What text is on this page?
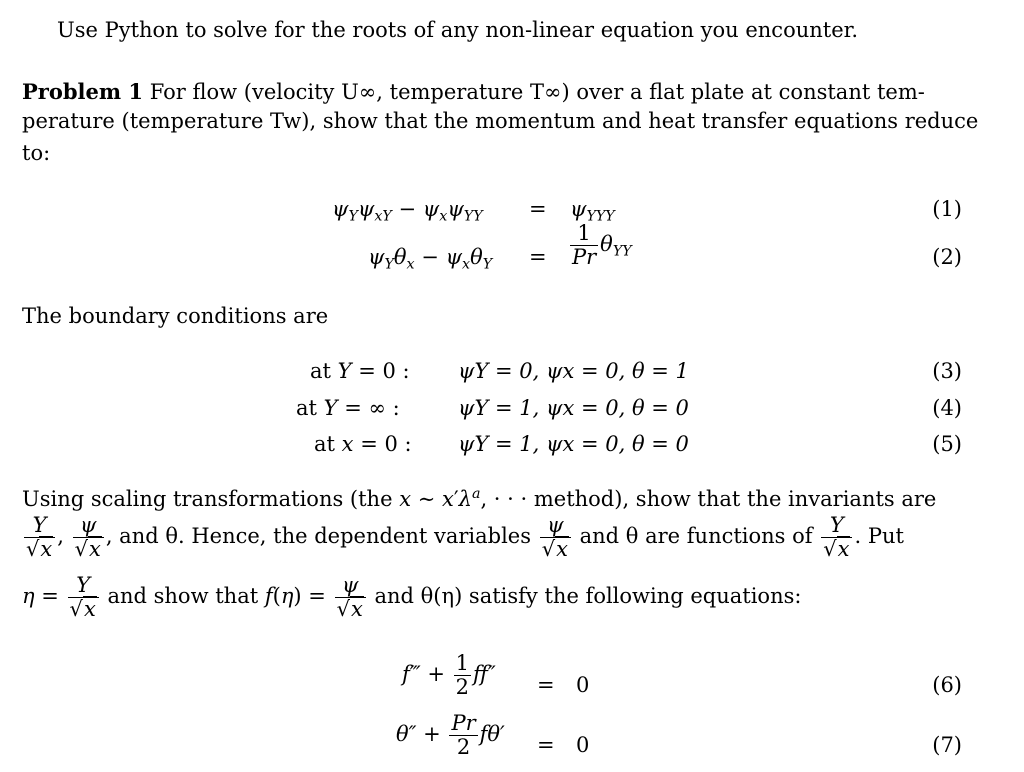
Use Python to solve for the roots of any non-linear equation you encounter.
Problem 1 For flow (velocity U∞, temperature T∞) over a flat plate at constant tem-
perature (temperature Tw), show that the momentum and heat transfer equations reduce
to:
$\psi_Y\psi_{xY} - \psi_x\psi_{YY} = \psi_{YYY}$	(1)
$\psi_Y\theta_x - \psi_x\theta_Y = \frac{1}{Pr} \theta_{YY}$	(2)
The boundary conditions are
at Y = 0 : ψY = 0, ψx = 0, θ = 1	(3)
at Y = ∞ :	ψY = 1, ψx = 0, θ = 0	(4)
at x = 0 : ψY = 1, ψx = 0, θ = 0	(5)
Using scaling transformations (the x ∼ $x'\lambda^a$, · · · method), show that the invariants are
$\frac{Y}{√x}$ , $\frac{\psi}{√x}$ , and θ. Hence, the dependent variables $\frac{\psi}{√x}$ and θ are functions of $\frac{Y}{√x}$ . Put
$\eta = \frac{Y}{√x}$ and show that $f(\eta) = \frac{\psi}{√x}$ and θ(η) satisfy the following equations:
f‴ + $\frac{1}{2} ff'' = 0$	(6)
$\theta'' + \frac{Pr}{2} f\theta' = 0$	(7)
